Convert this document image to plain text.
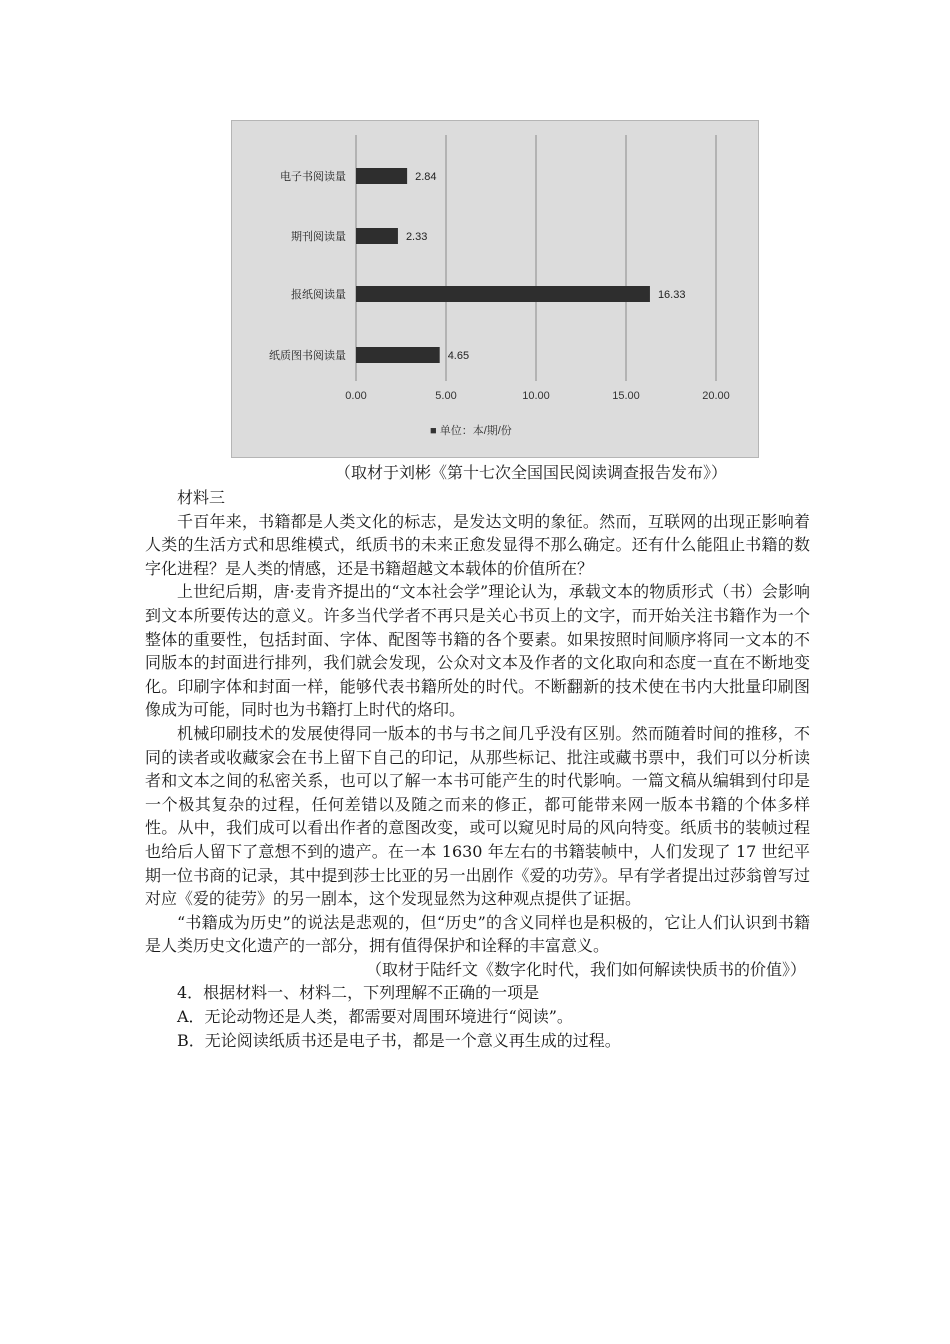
0.00	5.00	10.00	15.00	20.00
电子书阅读量	2.84
期刊阅读量	2.33
报纸阅读量	16.33
纸质图书阅读量	4.65
■ 单位：本/期/份
（取材于刘彬《第十七次全国国民阅读调查报告发布》）

材料三

千百年来，书籍都是人类文化的标志，是发达文明的象征。然而，互联网的出现正影响着人类的生活方式和思维模式，纸质书的未来正愈发显得不那么确定。还有什么能阻止书籍的数字化进程？是人类的情感，还是书籍超越文本载体的价值所在？

上世纪后期，唐·麦肯齐提出的“文本社会学”理论认为，承载文本的物质形式（书）会影响到文本所要传达的意义。许多当代学者不再只是关心书页上的文字，而开始关注书籍作为一个整体的重要性，包括封面、字体、配图等书籍的各个要素。如果按照时间顺序将同一文本的不同版本的封面进行排列，我们就会发现，公众对文本及作者的文化取向和态度一直在不断地变化。印刷字体和封面一样，能够代表书籍所处的时代。不断翻新的技术使在书内大批量印刷图像成为可能，同时也为书籍打上时代的烙印。

机械印刷技术的发展使得同一版本的书与书之间几乎没有区别。然而随着时间的推移，不同的读者或收藏家会在书上留下自己的印记，从那些标记、批注或藏书票中，我们可以分析读者和文本之间的私密关系，也可以了解一本书可能产生的时代影响。一篇文稿从编辑到付印是一个极其复杂的过程，任何差错以及随之而来的修正，都可能带来网一版本书籍的个体多样性。从中，我们成可以看出作者的意图改变，或可以窥见时局的风向特变。纸质书的装帧过程也给后人留下了意想不到的遗产。在一本 1630 年左右的书籍装帧中，人们发现了 17 世纪平期一位书商的记录，其中提到莎士比亚的另一出剧作《爱的功劳》。早有学者提出过莎翁曾写过对应《爱的徒劳》的另一剧本，这个发现显然为这种观点提供了证据。

“书籍成为历史”的说法是悲观的，但“历史”的含义同样也是积极的，它让人们认识到书籍是人类历史文化遗产的一部分，拥有值得保护和诠释的丰富意义。

（取材于陆纤文《数字化时代，我们如何解读快质书的价值》）

4．根据材料一、材料二，下列理解不正确的一项是

A．无论动物还是人类，都需要对周围环境进行“阅读”。

B．无论阅读纸质书还是电子书，都是一个意义再生成的过程。
